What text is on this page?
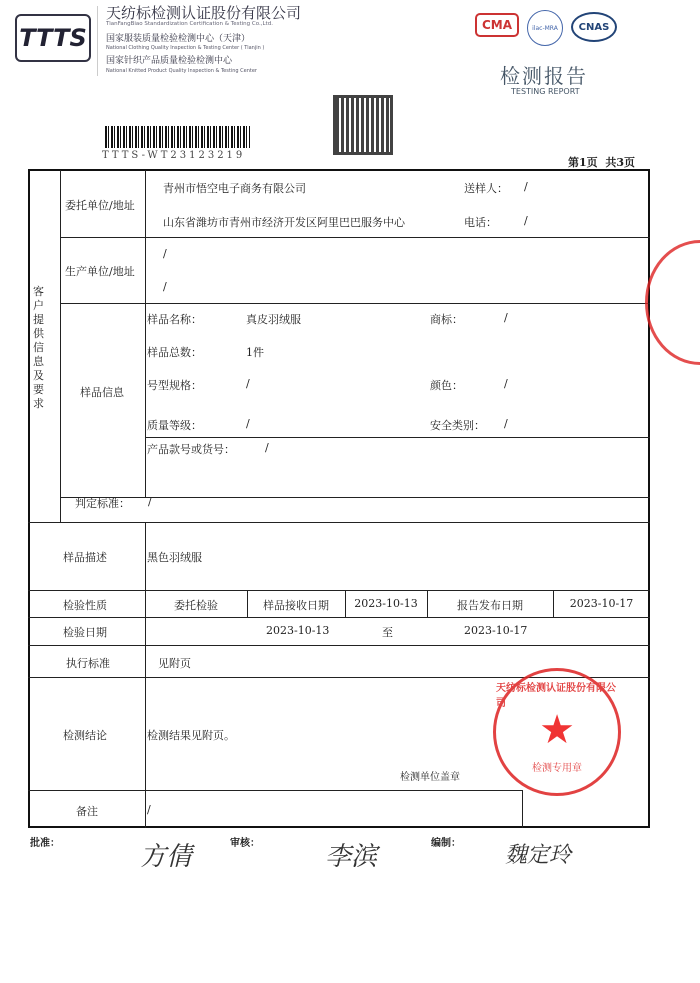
TTTS
天纺标检测认证股份有限公司
TianFangBiao Standardization Certification & Testing Co.,Ltd.
国家服装质量检验检测中心（天津）
National Clothing Quality Inspection & Testing Center ( Tianjin )
国家针织产品质量检验检测中心
National Knitted Product Quality Inspection & Testing Center
CMA	ilac-MRA	CNAS
检测报告
TESTING REPORT
TTTS-WT23123219
第1页  共3页
客户提供信息及要求
委托单位/地址
青州市悟空电子商务有限公司
山东省潍坊市青州市经济开发区阿里巴巴服务中心
送样人： /
电话： /
生产单位/地址
/
/
样品信息
样品名称：	真皮羽绒服	商标：	/
样品总数：	1件
号型规格：	/	颜色：	/
质量等级：	/	安全类别： /
产品款号或货号：	/
判定标准： /
样品描述	黑色羽绒服
检验性质	委托检验	样品接收日期	2023-10-13	报告发布日期	2023-10-17
检验日期	2023-10-13	至	2023-10-17
执行标准	见附页
检测结论	检测结果见附页。
检测单位盖章
备注	/
天纺标检测认证股份有限公司
★
检测专用章
批准：	方倩	审核：	李滨	编制： 魏定玲
